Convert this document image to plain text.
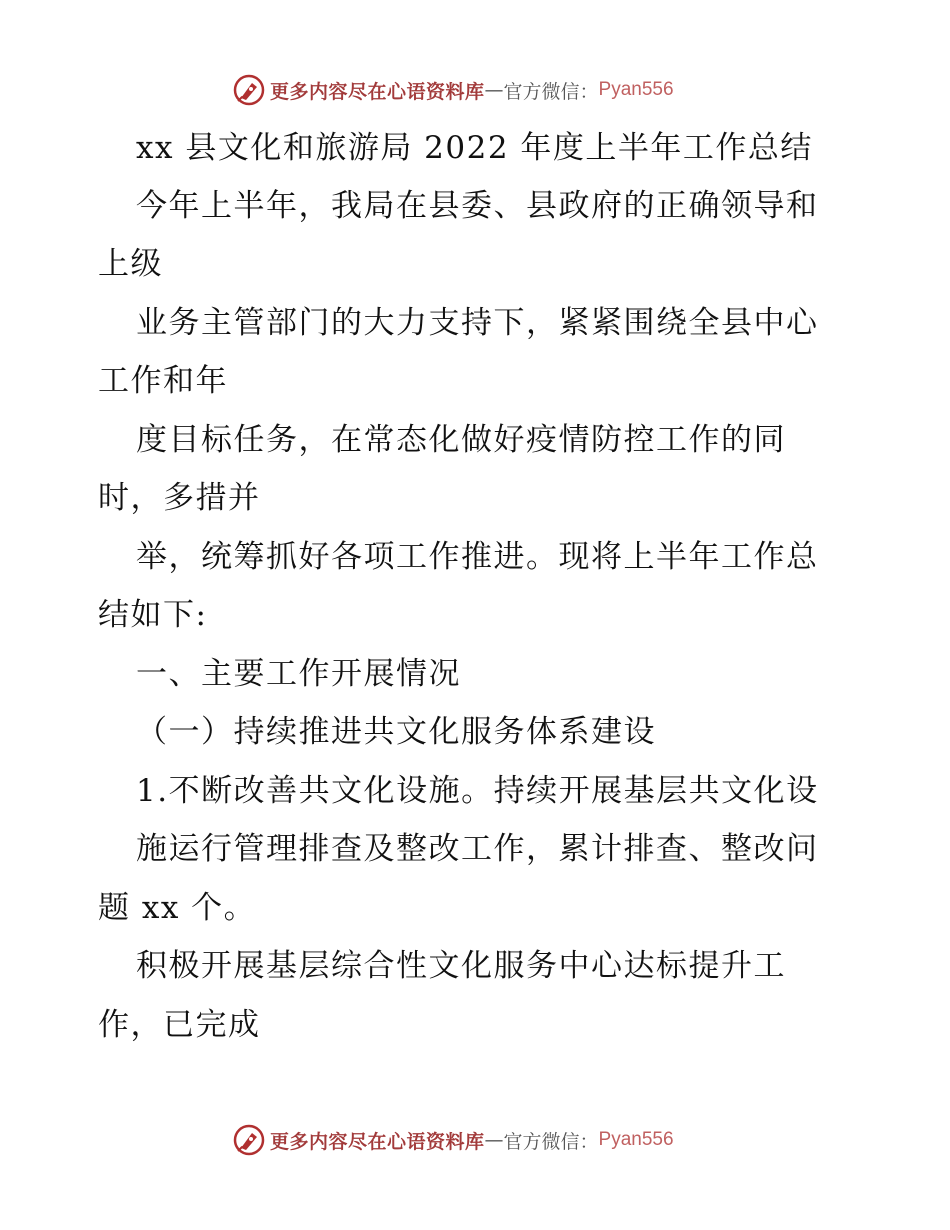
更多内容尽在心语资料库 — 官方微信： Pyan556
xx 县文化和旅游局 2022 年度上半年工作总结
今年上半年，我局在县委、县政府的正确领导和
上级
业务主管部门的大力支持下，紧紧围绕全县中心
工作和年
度目标任务，在常态化做好疫情防控工作的同
时，多措并
举，统筹抓好各项工作推进。现将上半年工作总
结如下:
一、主要工作开展情况
（一）持续推进共文化服务体系建设
1.不断改善共文化设施。持续开展基层共文化设
施运行管理排查及整改工作，累计排查、整改问
题 xx 个。
积极开展基层综合性文化服务中心达标提升工
作，已完成
更多内容尽在心语资料库 — 官方微信： Pyan556
